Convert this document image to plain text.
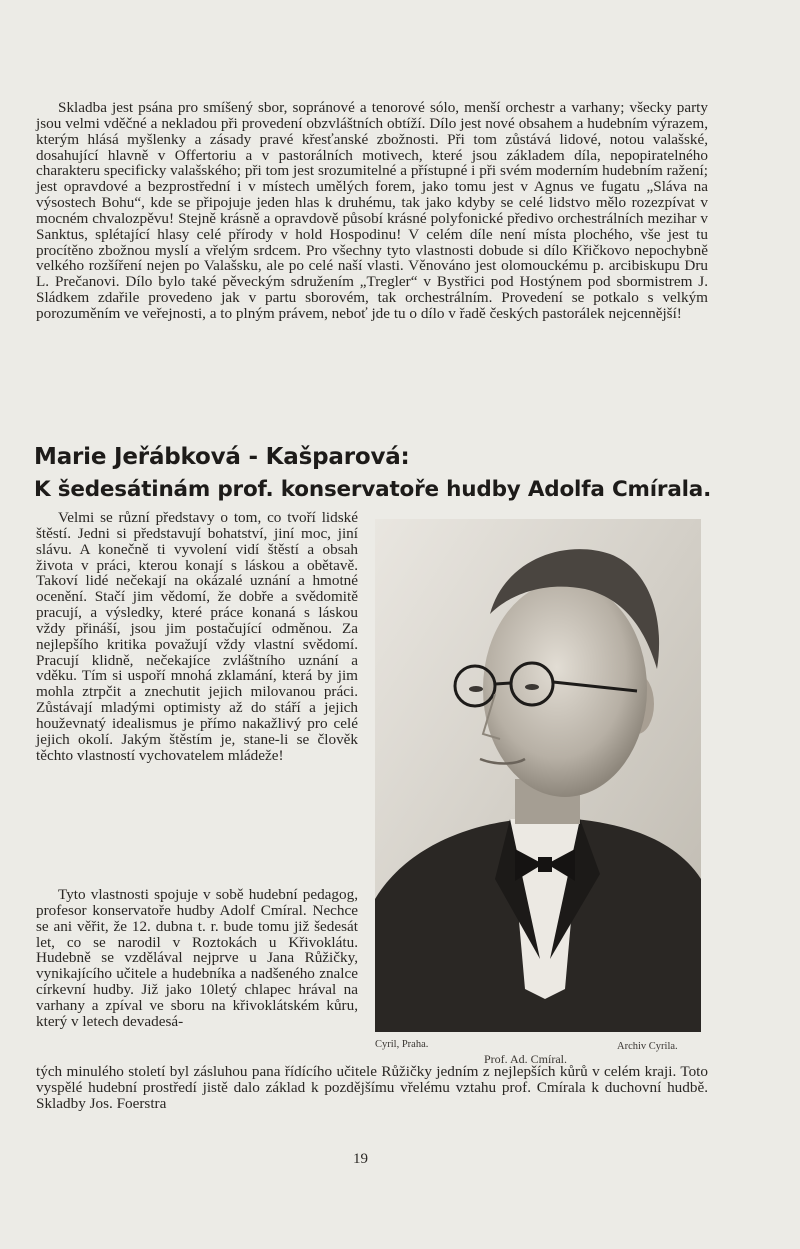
Skladba jest psána pro smíšený sbor, sopránové a tenorové sólo, menší orchestr a varhany; všecky party jsou velmi vděčné a nekladou při provedení obzvláštních obtíží. Dílo jest nové obsahem a hudebním výrazem, kterým hlásá myšlenky a zásady pravé křesťanské zbožnosti. Při tom zůstává lidové, notou valašské, dosahující hlavně v Offertoriu a v pastorálních motivech, které jsou základem díla, nepopiratelného charakteru specificky valašského; při tom jest srozumitelné a přístupné i při svém moderním hudebním ražení; jest opravdové a bezprostřední i v místech umělých forem, jako tomu jest v Agnus ve fugatu „Sláva na výsostech Bohu“, kde se připojuje jeden hlas k druhému, tak jako kdyby se celé lidstvo mělo rozezpívat v mocném chvalozpěvu! Stejně krásně a opravdově působí krásné polyfonické předivo orchestrálních mezihar v Sanktus, splétající hlasy celé přírody v hold Hospodinu! V celém díle není místa plochého, vše jest tu procítěno zbožnou myslí a vřelým srdcem. Pro všechny tyto vlastnosti dobude si dílo Křičkovo nepochybně velkého rozšíření nejen po Valašsku, ale po celé naší vlasti. Věnováno jest olomouckému p. arcibiskupu Dru L. Prečanovi. Dílo bylo také pěveckým sdružením „Tregler“ v Bystřici pod Hostýnem pod sbormistrem J. Sládkem zdařile provedeno jak v partu sborovém, tak orchestrálním. Provedení se potkalo s velkým porozuměním ve veřejnosti, a to plným právem, neboť jde tu o dílo v řadě českých pastorálek nejcennější!

Marie Jeřábková - Kašparová:
K šedesátinám prof. konservatoře hudby Adolfa Cmírala.

Velmi se různí představy o tom, co tvoří lidské štěstí. Jedni si představují bohatství, jiní moc, jiní slávu. A konečně ti vyvolení vidí štěstí a obsah života v práci, kterou konají s láskou a obětavě. Takoví lidé nečekají na okázalé uznání a hmotné ocenění. Stačí jim vědomí, že dobře a svědomitě pracují, a výsledky, které práce konaná s láskou vždy přináší, jsou jim postačující odměnou. Za nejlepšího kritika považují vždy vlastní svědomí. Pracují klidně, nečekajíce zvláštního uznání a vděku. Tím si uspoří mnohá zklamání, která by jim mohla ztrpčit a znechutit jejich milovanou práci. Zůstávají mladými optimisty až do stáří a jejich houževnatý idealismus je přímo nakažlivý pro celé jejich okolí. Jakým štěstím je, stane-li se člověk těchto vlastností vychovatelem mládeže!

Tyto vlastnosti spojuje v sobě hudební pedagog, profesor konservatoře hudby Adolf Cmíral. Nechce se ani věřit, že 12. dubna t. r. bude tomu již šedesát let, co se narodil v Roztokách u Křivoklátu. Hudebně se vzdělával nejprve u Jana Růžičky, vynikajícího učitele a hudebníka a nadšeného znalce církevní hudby. Již jako 10letý chlapec hrával na varhany a zpíval ve sboru na křivoklátském kůru, který v letech devadesá-

tých minulého století byl zásluhou pana řídícího učitele Růžičky jedním z nejlepších kůrů v celém kraji. Toto vyspělé hudební prostředí jistě dalo základ k pozdějšímu vřelému vztahu prof. Cmírala k duchovní hudbě. Skladby Jos. Foerstra

Cyril, Praha.	Archiv Cyrila.

Prof. Ad. Cmíral.

19
